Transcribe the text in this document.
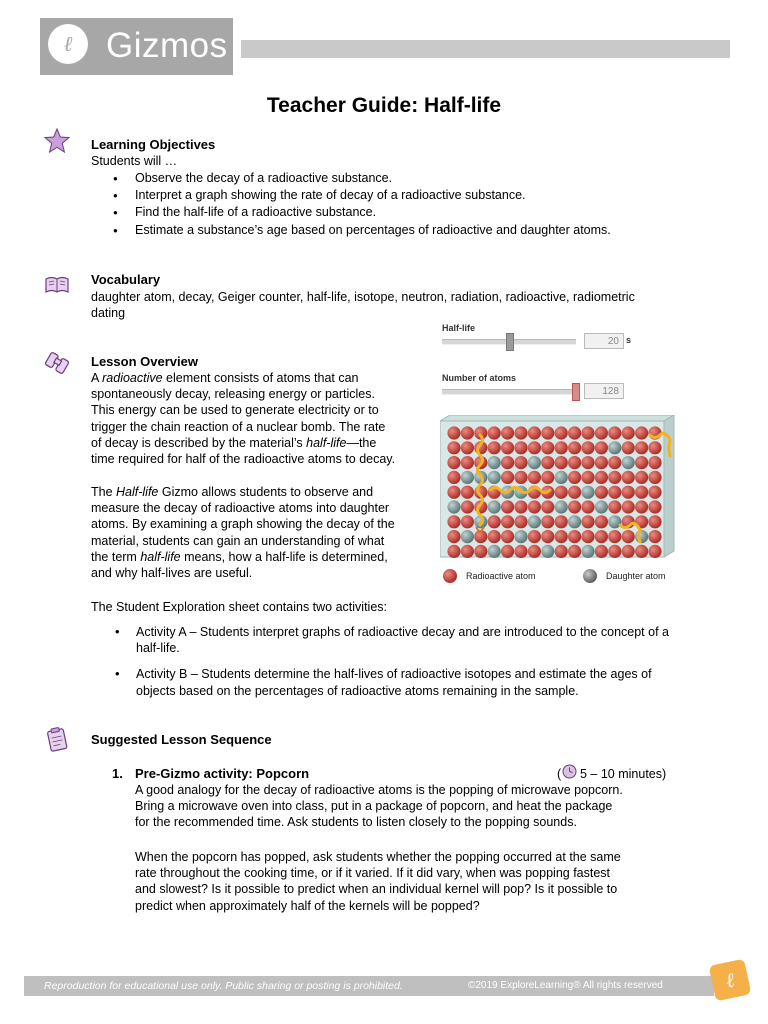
ℓ Gizmos
Teacher Guide: Half-life
Learning Objectives
Students will …
● Observe the decay of a radioactive substance.
● Interpret a graph showing the rate of decay of a radioactive substance.
● Find the half-life of a radioactive substance.
● Estimate a substance’s age based on percentages of radioactive and daughter atoms.
Vocabulary
daughter atom, decay, Geiger counter, half-life, isotope, neutron, radiation, radioactive, radiometric dating
Lesson Overview
A radioactive element consists of atoms that can
spontaneously decay, releasing energy or particles.
This energy can be used to generate electricity or to
trigger the chain reaction of a nuclear bomb. The rate
of decay is described by the material’s half-life—the
time required for half of the radioactive atoms to decay.
The Half-life Gizmo allows students to observe and
measure the decay of radioactive atoms into daughter
atoms. By examining a graph showing the decay of the
material, students can gain an understanding of what
the term half-life means, how a half-life is determined,
and why half-lives are useful.
The Student Exploration sheet contains two activities:
• Activity A – Students interpret graphs of radioactive decay and are introduced to the concept of a half-life.
• Activity B – Students determine the half-lives of radioactive isotopes and estimate the ages of objects based on the percentages of radioactive atoms remaining in the sample.
Half-life
20 s
Number of atoms
128
Radioactive atom	Daughter atom
Suggested Lesson Sequence
1. Pre-Gizmo activity: Popcorn	( 5 – 10 minutes)
A good analogy for the decay of radioactive atoms is the popping of microwave popcorn.
Bring a microwave oven into class, put in a package of popcorn, and heat the package
for the recommended time. Ask students to listen closely to the popping sounds.
When the popcorn has popped, ask students whether the popping occurred at the same
rate throughout the cooking time, or if it varied. If it did vary, when was popping fastest
and slowest? Is it possible to predict when an individual kernel will pop? Is it possible to
predict when approximately half of the kernels will be popped?
Reproduction for educational use only. Public sharing or posting is prohibited.	©2019 ExploreLearning® All rights reserved	ℓ
